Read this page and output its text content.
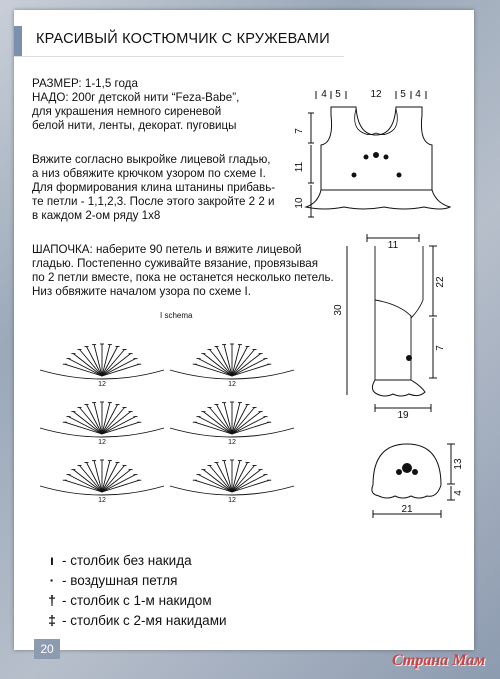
КРАСИВЫЙ КОСТЮМЧИК С КРУЖЕВАМИ
РАЗМЕР: 1-1,5 года
НАДО: 200г детской нити “Feza-Babe”,
для украшения немного сиреневой
белой нити, ленты, декорат. пуговицы
Вяжите согласно выкройке лицевой гладью,
а низ обвяжите крючком узором по схеме I.
Для формирования клина штанины прибавь-
те петли - 1,1,2,3. После этого закройте 2 2 и
в каждом 2-ом ряду 1х8
ШАПОЧКА: наберите 90 петель и вяжите лицевой
гладью. Постепенно суживайте вязание, провязывая
по 2 петли вместе, пока не останется несколько петель.
Низ обвяжите началом узора по схеме I.
4 5	12 5 4
7
11
10
11
30
22
7
19
13
4
21
I schema
12	12
12	12
12	12
ı - столбик без накида
· - воздушная петля
† - столбик с 1-м накидом
‡ - столбик с 2-мя накидами
20
Страна Мам
